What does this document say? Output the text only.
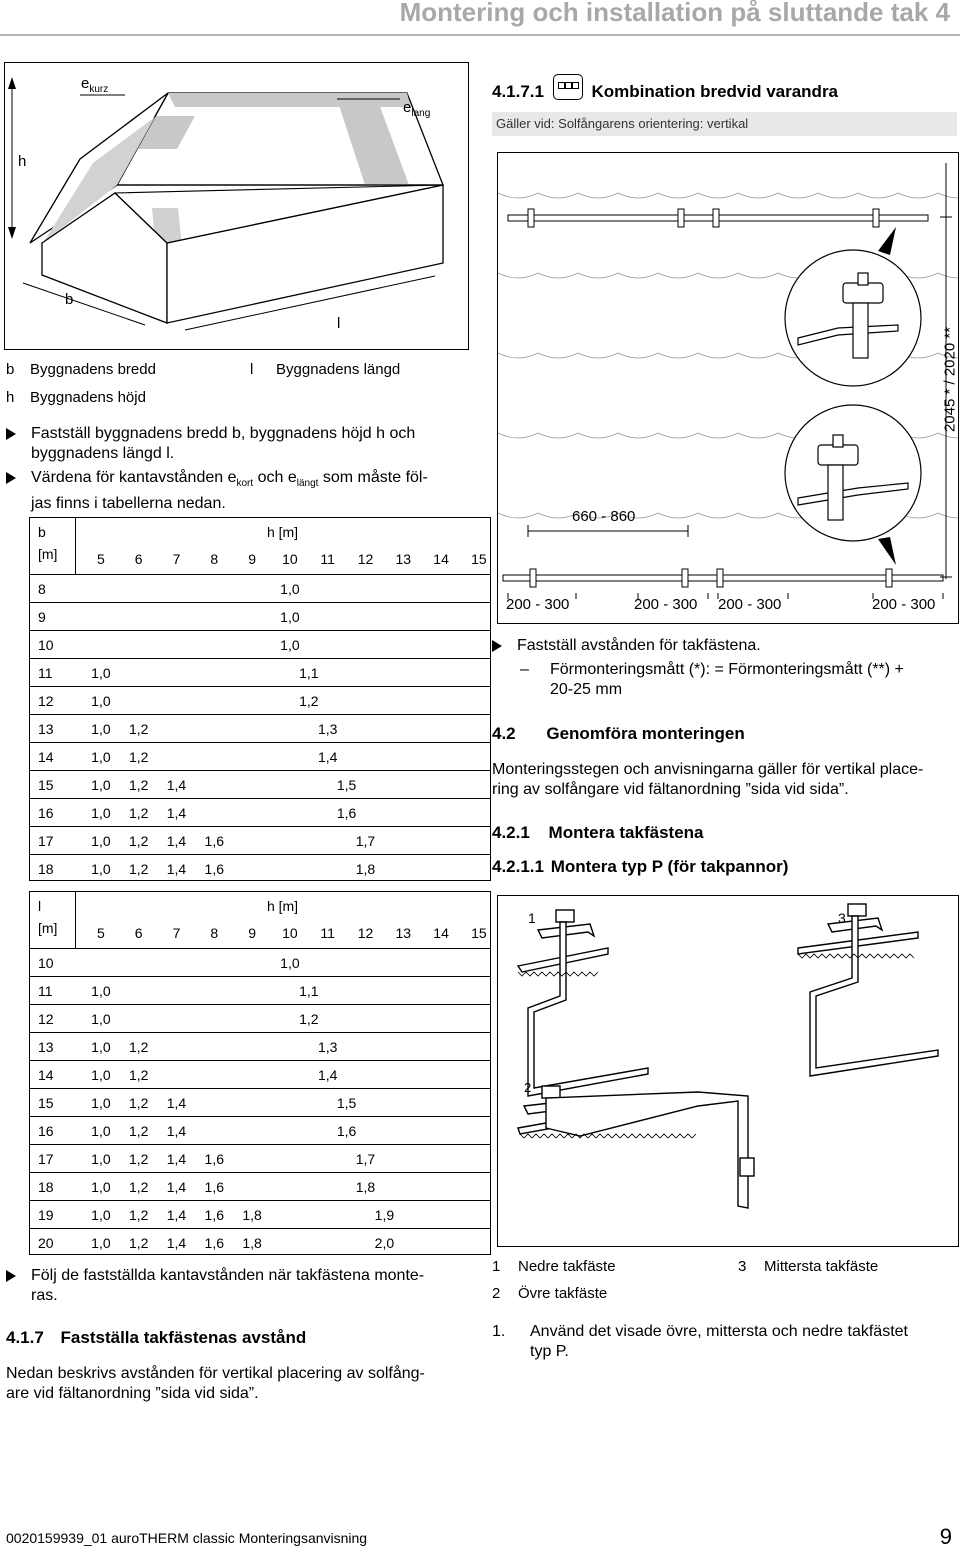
Montering och installation på sluttande tak 4
$e_{kurz}$
$e_{lang}$
h
b
l
b Byggnadens bredd	l Byggnadens längd
h Byggnadens höjd
Fastställ byggnadens bredd b, byggnadens höjd h och
byggnadens längd l.
Värdena för kantavstånden $e_{kort}$ och $e_{längt}$ som måste föl-
jas finns i tabellerna nedan.
b
[m]
h [m]
5	6	7	8	9	10	11	12	13	14	15
8	1,0
9	1,0
10	1,0
11	1,0	1,1
12	1,0	1,2
13	1,0	1,2	1,3
14	1,0	1,2	1,4
15	1,0	1,2	1,4	1,5
16	1,0	1,2	1,4	1,6
17	1,0	1,2	1,4	1,6	1,7
18	1,0	1,2	1,4	1,6	1,8
l
[m]
h [m]
5	6	7	8	9	10	11	12	13	14	15
10	1,0
11	1,0	1,1
12	1,0	1,2
13	1,0	1,2	1,3
14	1,0	1,2	1,4
15	1,0	1,2	1,4	1,5
16	1,0	1,2	1,4	1,6
17	1,0	1,2	1,4	1,6	1,7
18	1,0	1,2	1,4	1,6	1,8
19	1,0	1,2	1,4	1,6	1,8	1,9
20	1,0	1,2	1,4	1,6	1,8	2,0
Följ de fastställda kantavstånden när takfästena monte-
ras.
4.1.7 Fastställa takfästenas avstånd
Nedan beskrivs avstånden för vertikal placering av solfång-
are vid fältanordning ”sida vid sida”.
4.1.7.1	Kombination bredvid varandra
Gäller vid: Solfångarens orientering: vertikal
2045 * / 2020 **
660 - 860
200 - 300	200 - 300 200 - 300	200 - 300
Fastställ avstånden för takfästena.
– Förmonteringsmått (*): = Förmonteringsmått (**) +
20-25 mm
4.2 Genomföra monteringen
Monteringsstegen och anvisningarna gäller för vertikal place-
ring av solfångare vid fältanordning ”sida vid sida”.
4.2.1 Montera takfästena
4.2.1.1 Montera typ P (för takpannor)
1	3
2
1 Nedre takfäste	3 Mittersta takfäste
2 Övre takfäste
1. Använd det visade övre, mittersta och nedre takfästet
typ P.
0020159939_01 auroTHERM classic Monteringsanvisning	9
